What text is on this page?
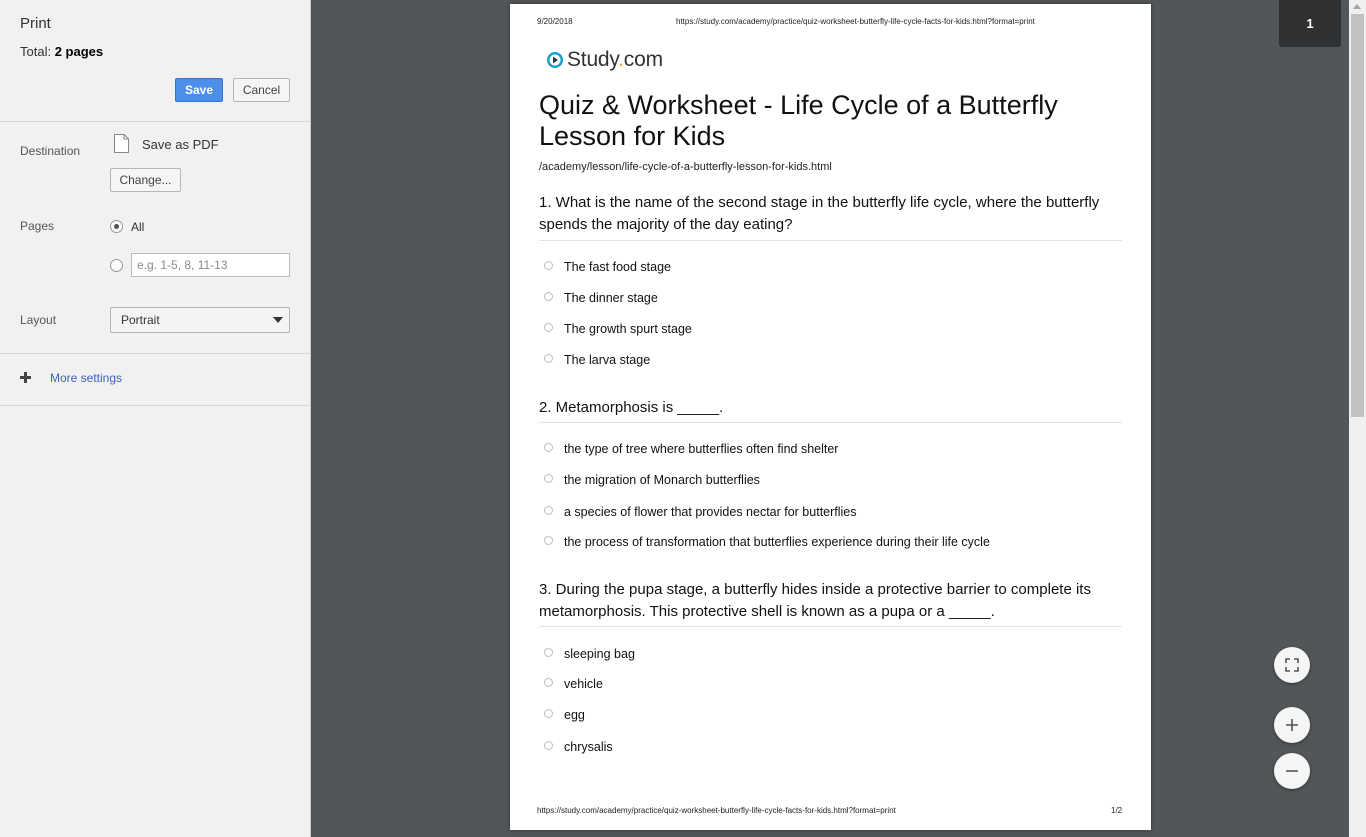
Print
Total: 2 pages
Save	Cancel
Destination	Save as PDF
Change...
Pages	All
e.g. 1-5, 8, 11-13
Layout	Portrait
More settings
9/20/2018	https://study.com/academy/practice/quiz-worksheet-butterfly-life-cycle-facts-for-kids.html?format=print
Study.com
Quiz & Worksheet - Life Cycle of a Butterfly Lesson for Kids
/academy/lesson/life-cycle-of-a-butterfly-lesson-for-kids.html
1. What is the name of the second stage in the butterfly life cycle, where the butterfly spends the majority of the day eating?
The fast food stage
The dinner stage
The growth spurt stage
The larva stage
2. Metamorphosis is _____.
the type of tree where butterflies often find shelter
the migration of Monarch butterflies
a species of flower that provides nectar for butterflies
the process of transformation that butterflies experience during their life cycle
3. During the pupa stage, a butterfly hides inside a protective barrier to complete its metamorphosis. This protective shell is known as a pupa or a _____.
sleeping bag
vehicle
egg
chrysalis
https://study.com/academy/practice/quiz-worksheet-butterfly-life-cycle-facts-for-kids.html?format=print	1/2
1
